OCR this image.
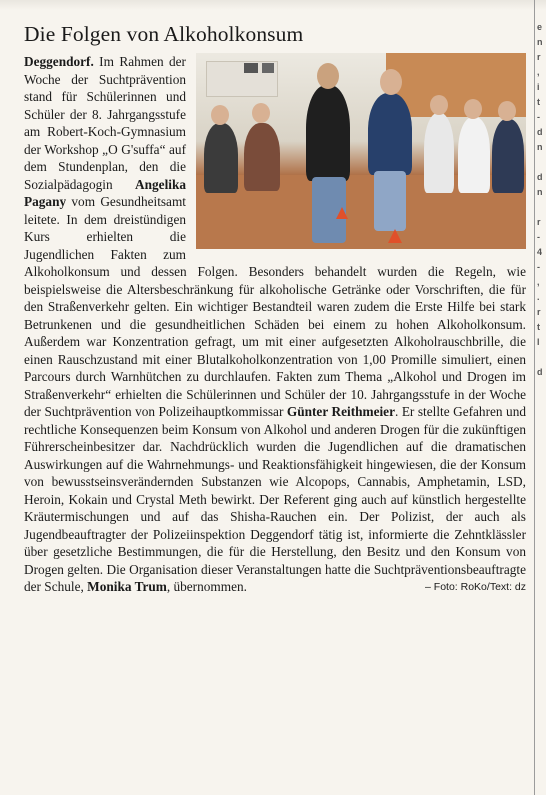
e
n
r
,
i
t
-
d
n

d
n

r
-
4
-
,
.
r
t
l

d
Die Folgen von Alkoholkonsum
Deggendorf. Im Rahmen der Woche der Suchtprävention stand für Schülerinnen und Schüler der 8. Jahrgangsstufe am Robert-Koch-Gymnasium der Workshop „O G'suffa“ auf dem Stundenplan, den die Sozialpädagogin Angelika Pagany vom Gesundheitsamt leitete. In dem dreistündigen Kurs erhielten die Jugendlichen Fakten zum Alkoholkonsum und dessen Folgen. Besonders behandelt wurden die Regeln, wie beispielsweise die Altersbeschränkung für alkoholische Getränke oder Vorschriften, die für den Straßenverkehr gelten. Ein wichtiger Bestandteil waren zudem die Erste Hilfe bei stark Betrunkenen und die gesundheitlichen Schäden bei einem zu hohen Alkoholkonsum. Außerdem war Konzentration gefragt, um mit einer aufgesetzten Alkoholrauschbrille, die einen Rauschzustand mit einer Blutalkoholkonzentration von 1,00 Promille simuliert, einen Parcours durch Warnhütchen zu durchlaufen. Fakten zum Thema „Alkohol und Drogen im Straßenverkehr“ erhielten die Schülerinnen und Schüler der 10. Jahrgangsstufe in der Woche der Suchtprävention von Polizeihauptkommissar Günter Reithmeier. Er stellte Gefahren und rechtliche Konsequenzen beim Konsum von Alkohol und anderen Drogen für die zukünftigen Führerscheinbesitzer dar. Nachdrücklich wurden die Jugendlichen auf die dramatischen Auswirkungen auf die Wahrnehmungs- und Reaktionsfähigkeit hingewiesen, die der Konsum von bewusstseinsverändernden Substanzen wie Alcopops, Cannabis, Amphetamin, LSD, Heroin, Kokain und Crystal Meth bewirkt. Der Referent ging auch auf künstlich hergestellte Kräutermischungen und auf das Shisha-Rauchen ein. Der Polizist, der auch als Jugendbeauftragter der Polizeiinspektion Deggendorf tätig ist, informierte die Zehntklässler über gesetzliche Bestimmungen, die für die Herstellung, den Besitz und den Konsum von Drogen gelten. Die Organisation dieser Veranstaltungen hatte die Suchtpräventionsbeauftragte der Schule, Monika Trum, übernommen.	– Foto: RoKo/Text: dz
